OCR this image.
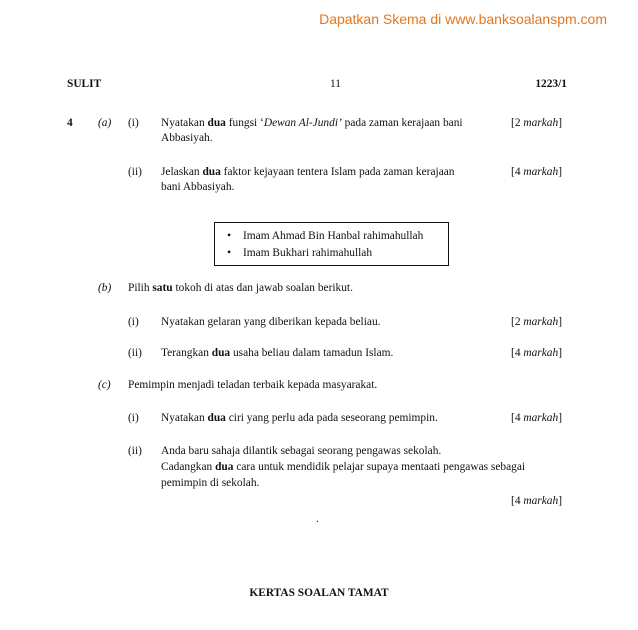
Dapatkan Skema di www.banksoalanspm.com
SULIT	11	1223/1
4 (a) (i) Nyatakan dua fungsi ‘Dewan Al-Jundi’ pada zaman kerajaan bani
Abbasiyah.
[2 markah]
(ii) Jelaskan dua faktor kejayaan tentera Islam pada zaman kerajaan
bani Abbasiyah.
[4 markah]
•	Imam Ahmad Bin Hanbal rahimahullah
•	Imam Bukhari rahimahullah
(b) Pilih satu tokoh di atas dan jawab soalan berikut.
(i) Nyatakan gelaran yang diberikan kepada beliau.	[2 markah]
(ii) Terangkan dua usaha beliau dalam tamadun Islam.	[4 markah]
(c) Pemimpin menjadi teladan terbaik kepada masyarakat.
(i) Nyatakan dua ciri yang perlu ada pada seseorang pemimpin.	[4 markah]
(ii) Anda baru sahaja dilantik sebagai seorang pengawas sekolah.
Cadangkan dua cara untuk mendidik pelajar supaya mentaati pengawas sebagai
pemimpin di sekolah.
[4 markah]
.
KERTAS SOALAN TAMAT
